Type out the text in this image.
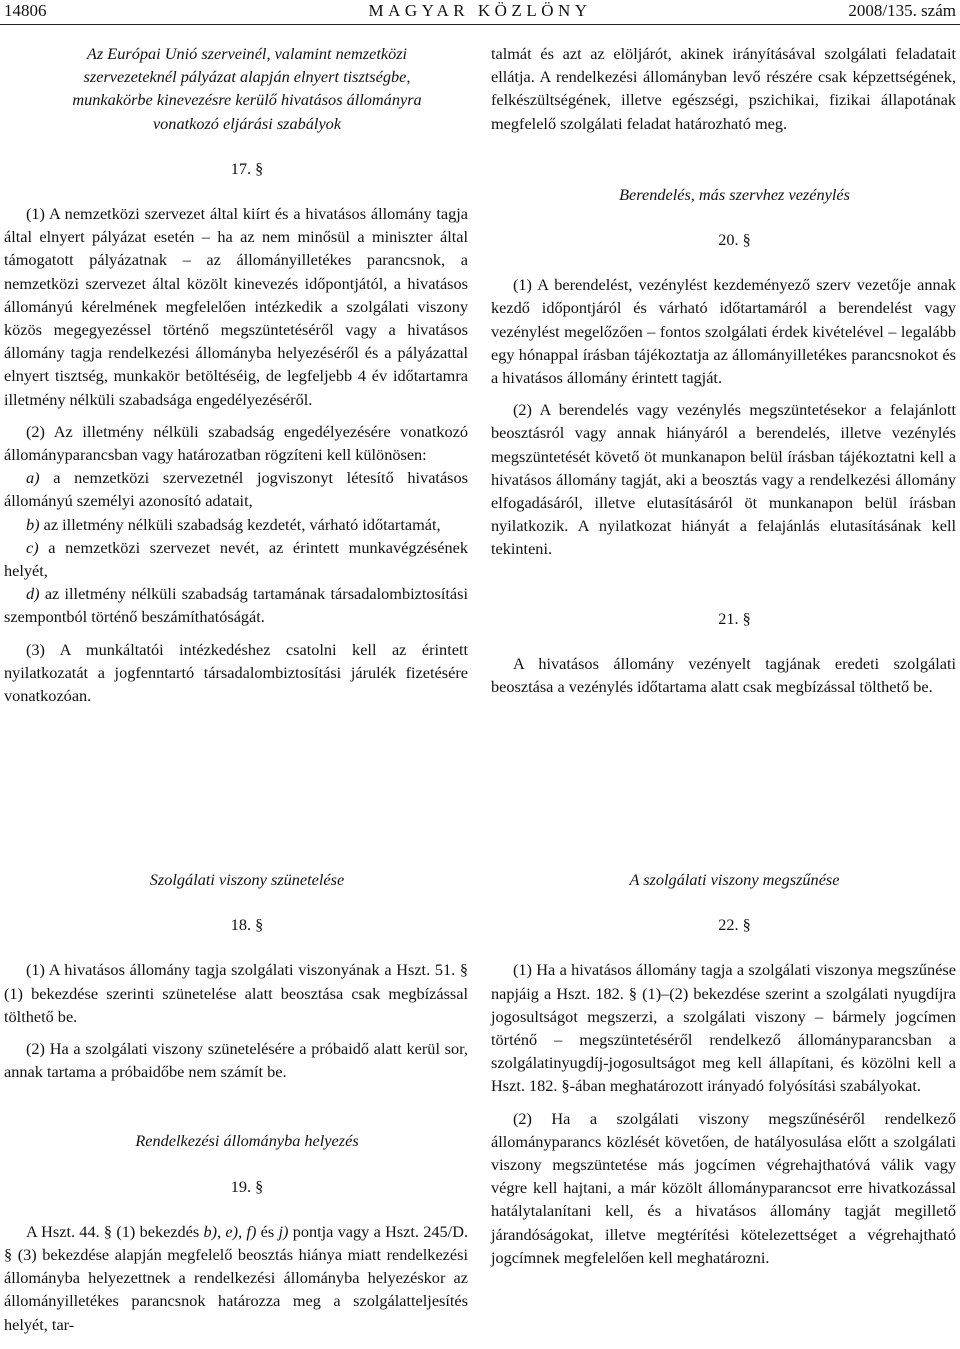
14806	MAGYAR KÖZLÖNY	2008/135. szám

Az Európai Unió szerveinél, valamint nemzetközi

szervezeteknél pályázat alapján elnyert tisztségbe,

munkakörbe kinevezésre kerülő hivatásos állományra

vonatkozó eljárási szabályok

17. §

(1) A nemzetközi szervezet által kiírt és a hivatásos állomány tagja által elnyert pályázat esetén – ha az nem minősül a miniszter által támogatott pályázatnak – az állományilletékes parancsnok, a nemzetközi szervezet által közölt kinevezés időpontjától, a hivatásos állományú kérelmének megfelelően intézkedik a szolgálati viszony közös megegyezéssel történő megszüntetéséről vagy a hivatásos állomány tagja rendelkezési állományba helyezéséről és a pályázattal elnyert tisztség, munkakör betöltéséig, de legfeljebb 4 év időtartamra illetmény nélküli szabadsága engedélyezéséről.

(2) Az illetmény nélküli szabadság engedélyezésére vonatkozó állományparancsban vagy határozatban rögzíteni kell különösen:

a) a nemzetközi szervezetnél jogviszonyt létesítő hivatásos állományú személyi azonosító adatait,

b) az illetmény nélküli szabadság kezdetét, várható időtartamát,

c) a nemzetközi szervezet nevét, az érintett munkavégzésének helyét,

d) az illetmény nélküli szabadság tartamának társadalombiztosítási szempontból történő beszámíthatóságát.

(3) A munkáltatói intézkedéshez csatolni kell az érintett nyilatkozatát a jogfenntartó társadalombiztosítási járulék fizetésére vonatkozóan.

talmát és azt az elöljárót, akinek irányításával szolgálati feladatait ellátja. A rendelkezési állományban levő részére csak képzettségének, felkészültségének, illetve egészségi, pszichikai, fizikai állapotának megfelelő szolgálati feladat határozható meg.

Berendelés, más szervhez vezénylés

20. §

(1) A berendelést, vezénylést kezdeményező szerv vezetője annak kezdő időpontjáról és várható időtartamáról a berendelést vagy vezénylést megelőzően – fontos szolgálati érdek kivételével – legalább egy hónappal írásban tájékoztatja az állományilletékes parancsnokot és a hivatásos állomány érintett tagját.

(2) A berendelés vagy vezénylés megszüntetésekor a felajánlott beosztásról vagy annak hiányáról a berendelés, illetve vezénylés megszüntetését követő öt munkanapon belül írásban tájékoztatni kell a hivatásos állomány tagját, aki a beosztás vagy a rendelkezési állomány elfogadásáról, illetve elutasításáról öt munkanapon belül írásban nyilatkozik. A nyilatkozat hiányát a felajánlás elutasításának kell tekinteni.

21. §

A hivatásos állomány vezényelt tagjának eredeti szolgálati beosztása a vezénylés időtartama alatt csak megbízással tölthető be.

Szolgálati viszony szünetelése

18. §

(1) A hivatásos állomány tagja szolgálati viszonyának a Hszt. 51. § (1) bekezdése szerinti szünetelése alatt beosztása csak megbízással tölthető be.

(2) Ha a szolgálati viszony szünetelésére a próbaidő alatt kerül sor, annak tartama a próbaidőbe nem számít be.

Rendelkezési állományba helyezés

19. §

A Hszt. 44. § (1) bekezdés b), e), f) és j) pontja vagy a Hszt. 245/D. § (3) bekezdése alapján megfelelő beosztás hiánya miatt rendelkezési állományba helyezettnek a rendelkezési állományba helyezéskor az állományilletékes parancsnok határozza meg a szolgálatteljesítés helyét, tar-

A szolgálati viszony megszűnése

22. §

(1) Ha a hivatásos állomány tagja a szolgálati viszonya megszűnése napjáig a Hszt. 182. § (1)–(2) bekezdése szerint a szolgálati nyugdíjra jogosultságot megszerzi, a szolgálati viszony – bármely jogcímen történő – megszüntetéséről rendelkező állományparancsban a szolgálatinyugdíj-jogosultságot meg kell állapítani, és közölni kell a Hszt. 182. §-ában meghatározott irányadó folyósítási szabályokat.

(2) Ha a szolgálati viszony megszűnéséről rendelkező állományparancs közlését követően, de hatályosulása előtt a szolgálati viszony megszüntetése más jogcímen végrehajthatóvá válik vagy végre kell hajtani, a már közölt állományparancsot erre hivatkozással hatálytalanítani kell, és a hivatásos állomány tagját megillető járandóságokat, illetve megtérítési kötelezettséget a végrehajtható jogcímnek megfelelően kell meghatározni.
